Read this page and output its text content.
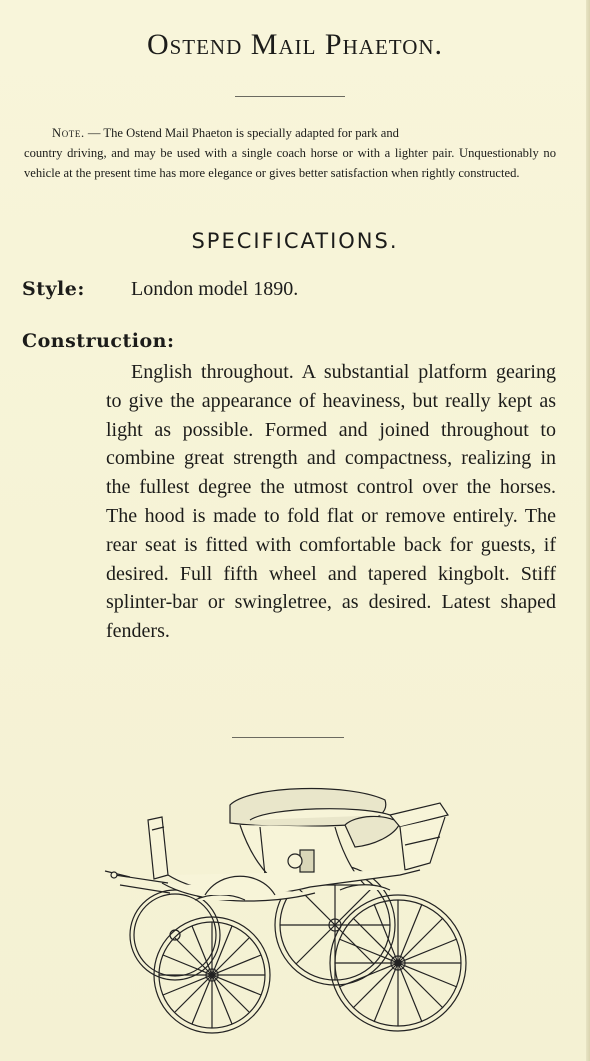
Ostend Mail Phaeton.

Note. — The Ostend Mail Phaeton is specially adapted for park and
country driving, and may be used with a single coach horse or with a lighter pair. Unquestionably no vehicle at the present time has more elegance or gives better satisfaction when rightly constructed.

SPECIFICATIONS.
Style: London model 1890.
Construction:

English throughout. A substantial platform gearing to give the appearance of heaviness, but really kept as light as possible. Formed and joined throughout to combine great strength and compactness, realizing in the fullest degree the utmost control over the horses. The hood is made to fold flat or remove entirely. The rear seat is fitted with comfortable back for guests, if desired. Full fifth wheel and tapered kingbolt. Stiff splinter-bar or swingletree, as desired. Latest shaped fenders.
